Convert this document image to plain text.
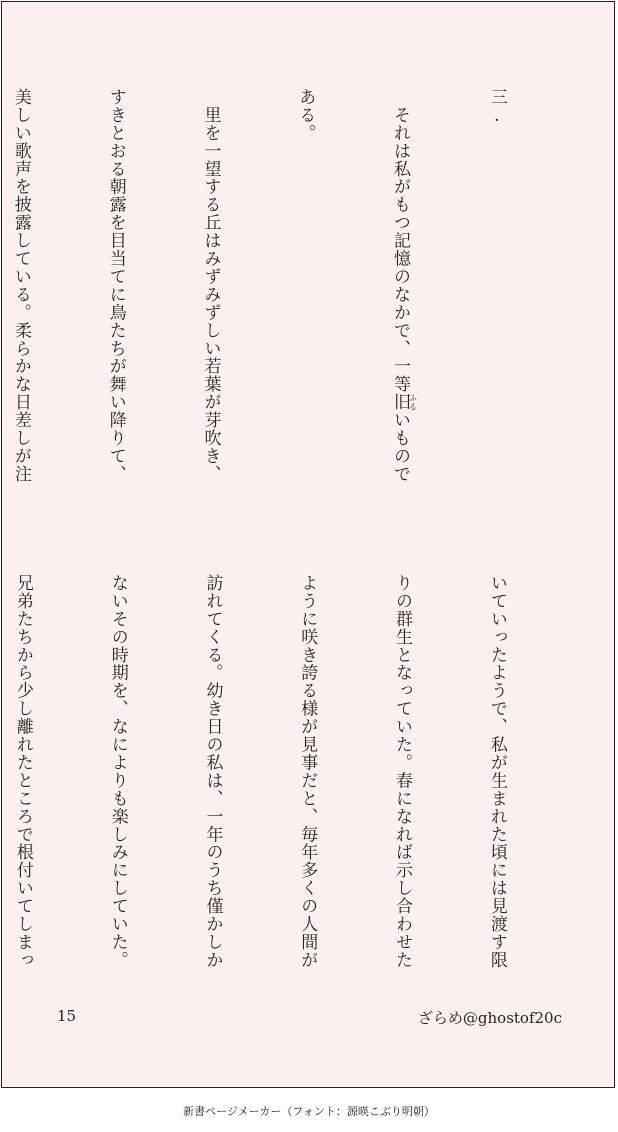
三.

　それは私がもつ記憶のなかで、一等旧ふるいもので

ある。

　里を一望する丘はみずみずしい若葉が芽吹き、

すきとおる朝露を目当てに鳥たちが舞い降りて、

美しい歌声を披露している。柔らかな日差しが注

いていったようで、私が生まれた頃には見渡す限

りの群生となっていた。春になれば示し合わせた

ように咲き誇る様が見事だと、毎年多くの人間が

訪れてくる。幼き日の私は、一年のうち僅かしか

ないその時期を、なによりも楽しみにしていた。

兄弟たちから少し離れたところで根付いてしまっ

15	ざらめ@ghostof20c
新書ページメーカー（フォント：源暎こぶり明朝）
